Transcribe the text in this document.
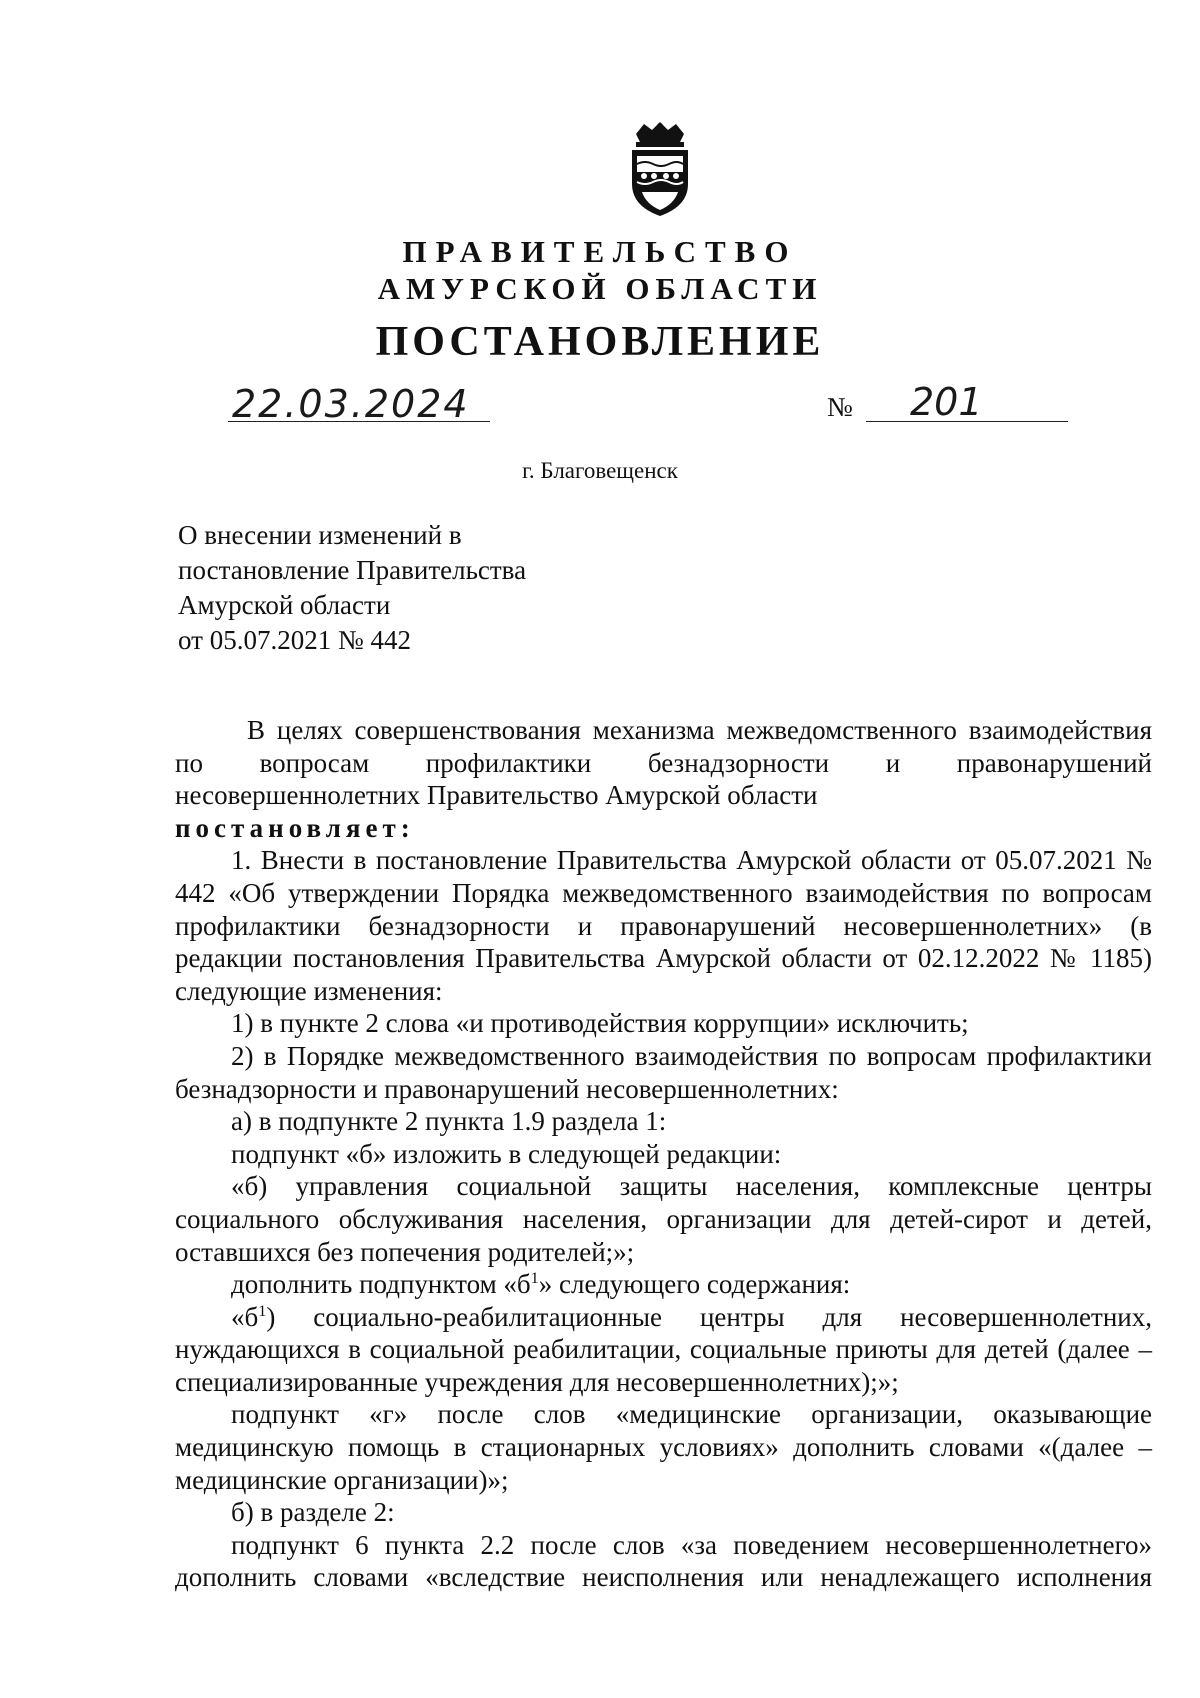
ПРАВИТЕЛЬСТВО
АМУРСКОЙ ОБЛАСТИ
ПОСТАНОВЛЕНИЕ
22.03.2024	№ 201
г. Благовещенск
О внесении изменений в
постановление Правительства
Амурской области
от 05.07.2021 № 442

В целях совершенствования механизма межведомственного взаимодействия по вопросам профилактики безнадзорности и правонарушений несовершеннолетних Правительство Амурской области

постановляет:

1. Внести в постановление Правительства Амурской области от 05.07.2021 № 442 «Об утверждении Порядка межведомственного взаимодействия по вопросам профилактики безнадзорности и правонарушений несовершеннолетних» (в редакции постановления Правительства Амурской области от 02.12.2022 № 1185) следующие изменения:

1) в пункте 2 слова «и противодействия коррупции» исключить;

2) в Порядке межведомственного взаимодействия по вопросам профилактики безнадзорности и правонарушений несовершеннолетних:

а) в подпункте 2 пункта 1.9 раздела 1:

подпункт «б» изложить в следующей редакции:

«б) управления социальной защиты населения, комплексные центры социального обслуживания населения, организации для детей-сирот и детей, оставшихся без попечения родителей;»;

дополнить подпунктом «$б^1$» следующего содержания:

«$б^1$) социально-реабилитационные центры для несовершеннолетних, нуждающихся в социальной реабилитации, социальные приюты для детей (далее – специализированные учреждения для несовершеннолетних);»;

подпункт «г» после слов «медицинские организации, оказывающие медицинскую помощь в стационарных условиях» дополнить словами «(далее – медицинские организации)»;

б) в разделе 2:

подпункт 6 пункта 2.2 после слов «за поведением несовершеннолетнего» дополнить словами «вследствие неисполнения или ненадлежащего исполнения
